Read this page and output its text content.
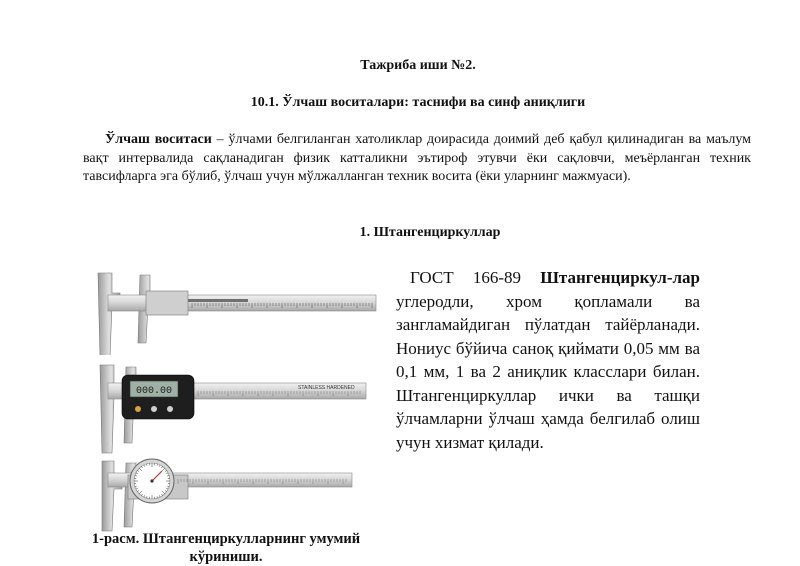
Тажриба иши №2.
10.1. Ўлчаш воситалари: таснифи ва синф аниқлиги

Ўлчаш воситаси – ўлчами белгиланган хатоликлар доирасида доимий деб қабул қилинадиган ва маълум вақт интервалида сақланадиган физик катталикни эътироф этувчи ёки сақловчи, меъёрланган техник тавсифларга эга бўлиб, ўлчаш учун мўлжалланган техник восита (ёки уларнинг мажмуаси).

1. Штангенциркуллар
000.00	STAINLESS HARDENED
1-расм. Штангенциркулларнинг умумий кўриниши.

ГОСТ 166-89 Штангенциркул-лар углеродли, хром қопламали ва зангламайдиган пўлатдан тайёрланади. Нониус бўйича саноқ қиймати 0,05 мм ва 0,1 мм, 1 ва 2 аниқлик класслари билан. Штангенциркуллар ички ва ташқи ўлчамларни ўлчаш ҳамда белгилаб олиш учун хизмат қилади.
